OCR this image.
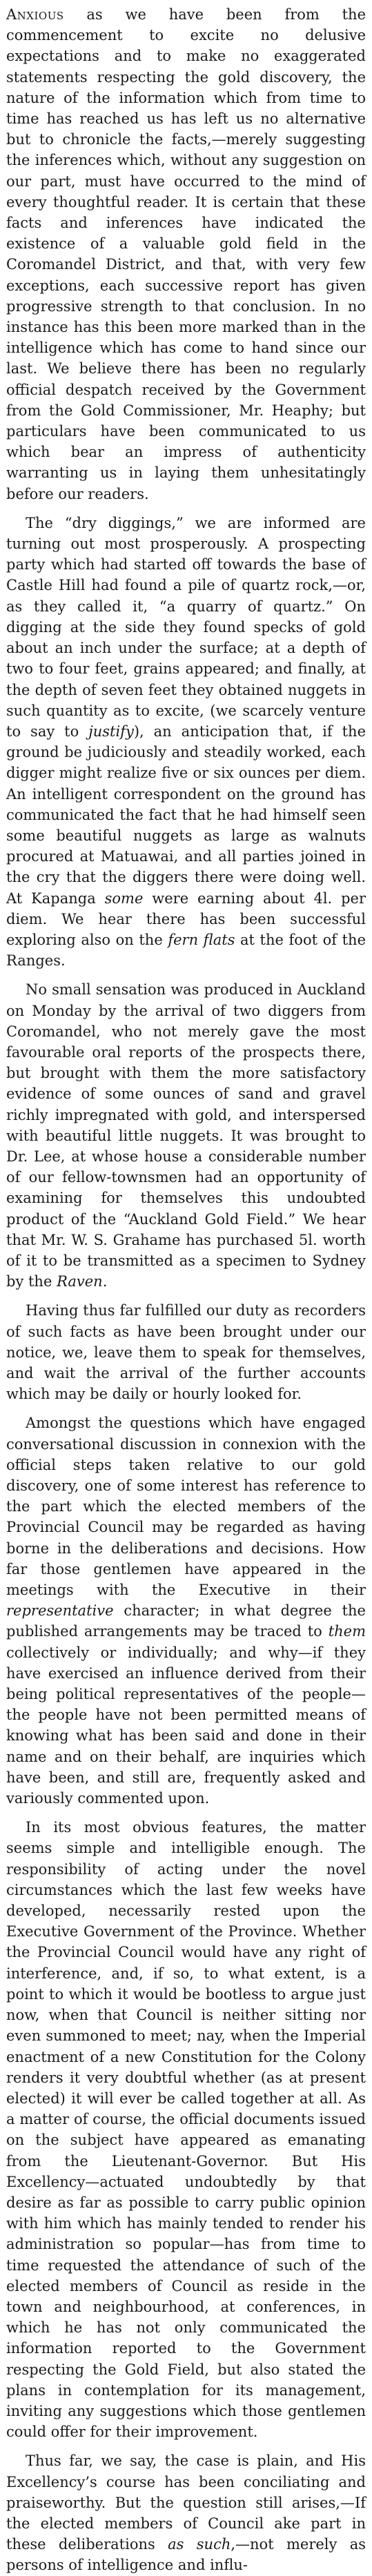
Anxious as we have been from the commencement to excite no delusive expectations and to make no exaggerated statements respecting the gold discovery, the nature of the information which from time to time has reached us has left us no alternative but to chronicle the facts,—merely suggesting the inferences which, without any suggestion on our part, must have occurred to the mind of every thoughtful reader. It is certain that these facts and inferences have indicated the existence of a valuable gold field in the Coromandel District, and that, with very few exceptions, each successive report has given progressive strength to that conclusion. In no instance has this been more marked than in the intelligence which has come to hand since our last. We believe there has been no regularly official despatch received by the Government from the Gold Commissioner, Mr. Heaphy; but particulars have been communicated to us which bear an impress of authenticity warranting us in laying them unhesitatingly before our readers.

The “dry diggings,” we are informed are turning out most prosperously. A prospecting party which had started off towards the base of Castle Hill had found a pile of quartz rock,—or, as they called it, “a quarry of quartz.” On digging at the side they found specks of gold about an inch under the surface; at a depth of two to four feet, grains appeared; and finally, at the depth of seven feet they obtained nuggets in such quantity as to excite, (we scarcely venture to say to justify), an anticipation that, if the ground be judiciously and steadily worked, each digger might realize five or six ounces per diem. An intelligent correspondent on the ground has communicated the fact that he had himself seen some beautiful nuggets as large as walnuts procured at Matuawai, and all parties joined in the cry that the diggers there were doing well. At Kapanga some were earning about 4l. per diem. We hear there has been successful exploring also on the fern flats at the foot of the Ranges.

No small sensation was produced in Auckland on Monday by the arrival of two diggers from Coromandel, who not merely gave the most favourable oral reports of the prospects there, but brought with them the more satisfactory evidence of some ounces of sand and gravel richly impregnated with gold, and interspersed with beautiful little nuggets. It was brought to Dr. Lee, at whose house a considerable number of our fellow-townsmen had an opportunity of examining for themselves this undoubted product of the “Auckland Gold Field.” We hear that Mr. W. S. Grahame has purchased 5l. worth of it to be transmitted as a specimen to Sydney by the Raven.

Having thus far fulfilled our duty as recorders of such facts as have been brought under our notice, we, leave them to speak for themselves, and wait the arrival of the further accounts which may be daily or hourly looked for.

Amongst the questions which have engaged conversational discussion in connexion with the official steps taken relative to our gold discovery, one of some interest has reference to the part which the elected members of the Provincial Council may be regarded as having borne in the deliberations and decisions. How far those gentlemen have appeared in the meetings with the Executive in their representative character; in what degree the published arrangements may be traced to them collectively or individually; and why—if they have exercised an influence derived from their being political representatives of the people—the people have not been permitted means of knowing what has been said and done in their name and on their behalf, are inquiries which have been, and still are, frequently asked and variously commented upon.

In its most obvious features, the matter seems simple and intelligible enough. The responsibility of acting under the novel circumstances which the last few weeks have developed, necessarily rested upon the Executive Government of the Province. Whether the Provincial Council would have any right of interference, and, if so, to what extent, is a point to which it would be bootless to argue just now, when that Council is neither sitting nor even summoned to meet; nay, when the Imperial enactment of a new Constitution for the Colony renders it very doubtful whether (as at present elected) it will ever be called together at all. As a matter of course, the official documents issued on the subject have appeared as emanating from the Lieutenant-Governor. But His Excellency—actuated undoubtedly by that desire as far as possible to carry public opinion with him which has mainly tended to render his administration so popular—has from time to time requested the attendance of such of the elected members of Council as reside in the town and neighbourhood, at conferences, in which he has not only communicated the information reported to the Government respecting the Gold Field, but also stated the plans in contemplation for its management, inviting any suggestions which those gentlemen could offer for their improvement.

Thus far, we say, the case is plain, and His Excellency’s course has been conciliating and praiseworthy. But the question still arises,—If the elected members of Council ake part in these deliberations as such,—not merely as persons of intelligence and influ-
